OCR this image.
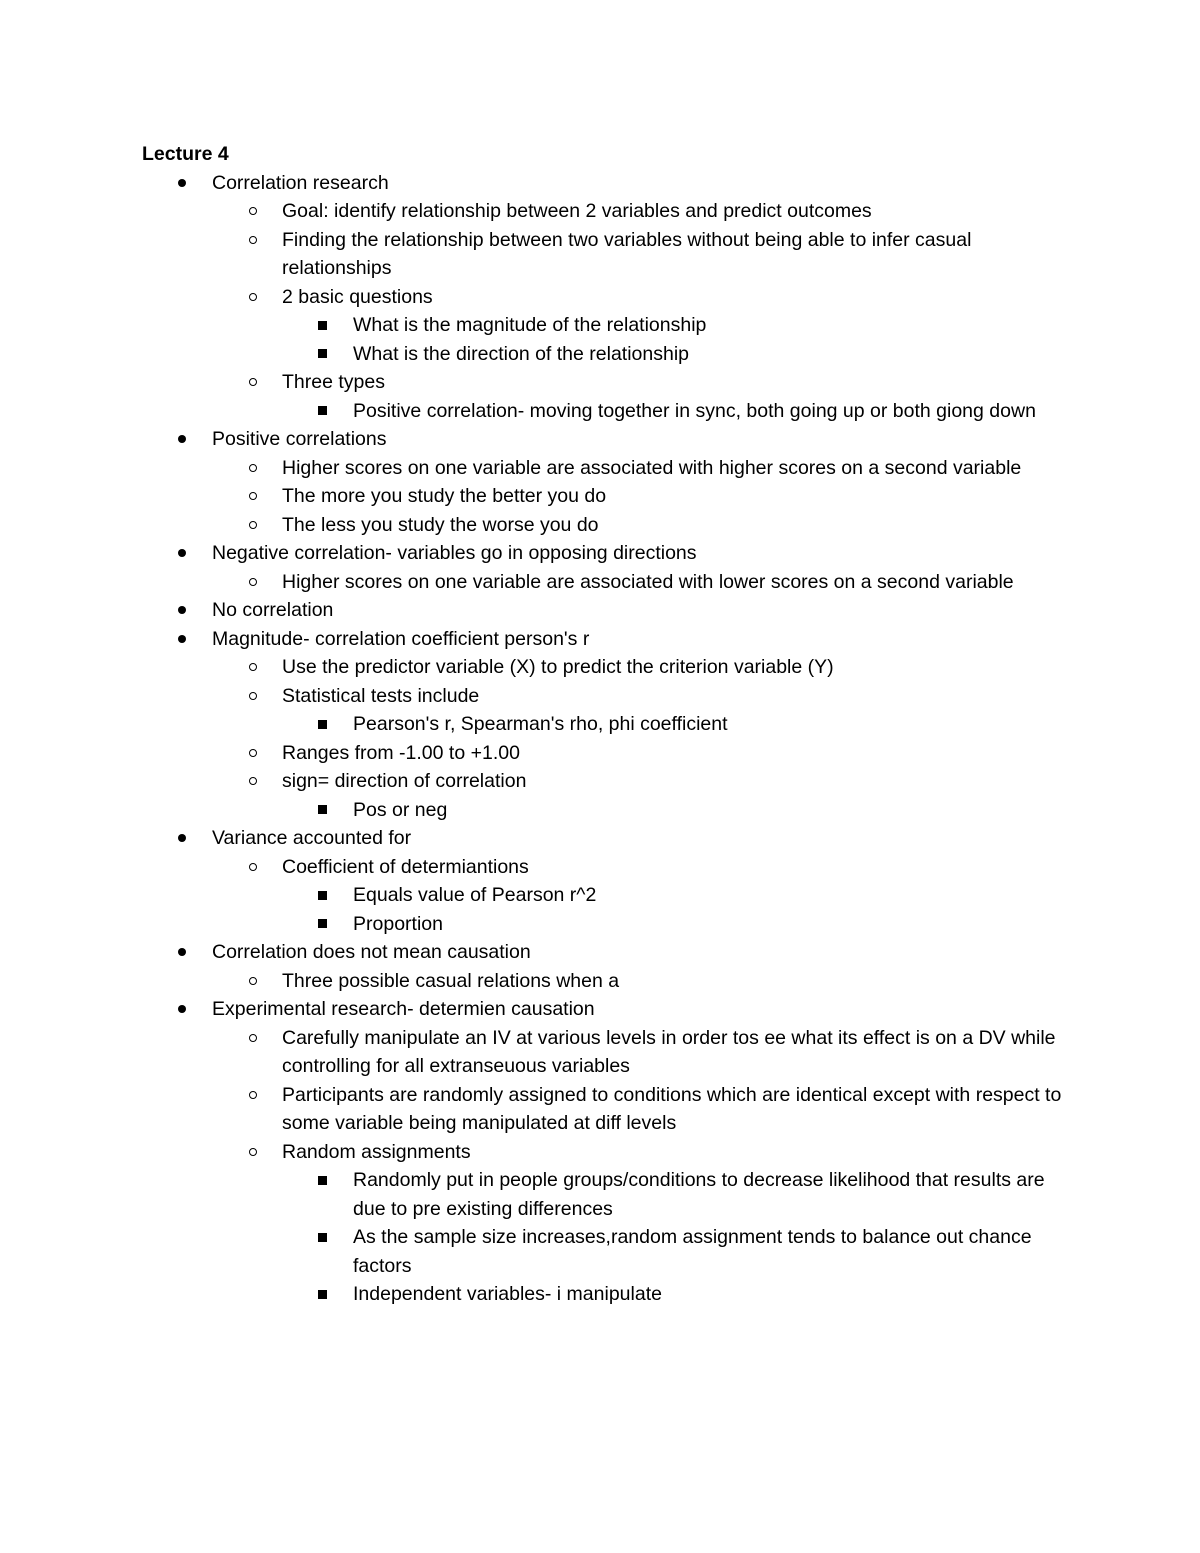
Lecture 4

Correlation research
Goal: identify relationship between 2 variables and predict outcomes
Finding the relationship between two variables without being able to infer casual relationships
2 basic questions
What is the magnitude of the relationship
What is the direction of the relationship
Three types
Positive correlation- moving together in sync, both going up or both giong down
Positive correlations
Higher scores on one variable are associated with higher scores on a second variable
The more you study the better you do
The less you study the worse you do
Negative correlation- variables go in opposing directions
Higher scores on one variable are associated with lower scores on a second variable
No correlation
Magnitude- correlation coefficient person's r
Use the predictor variable (X) to predict the criterion variable (Y)
Statistical tests include
Pearson's r, Spearman's rho, phi coefficient
Ranges from -1.00 to +1.00
sign= direction of correlation
Pos or neg
Variance accounted for
Coefficient of determiantions
Equals value of Pearson r^2
Proportion
Correlation does not mean causation
Three possible casual relations when a
Experimental research- determien causation
Carefully manipulate an IV at various levels in order tos ee what its effect is on a DV while controlling for all extranseuous variables
Participants are randomly assigned to conditions which are identical except with respect to some variable being manipulated at diff levels
Random assignments
Randomly put in people groups/conditions to decrease likelihood that results are due to pre existing differences
As the sample size increases,random assignment tends to balance out chance factors
Independent variables- i manipulate
